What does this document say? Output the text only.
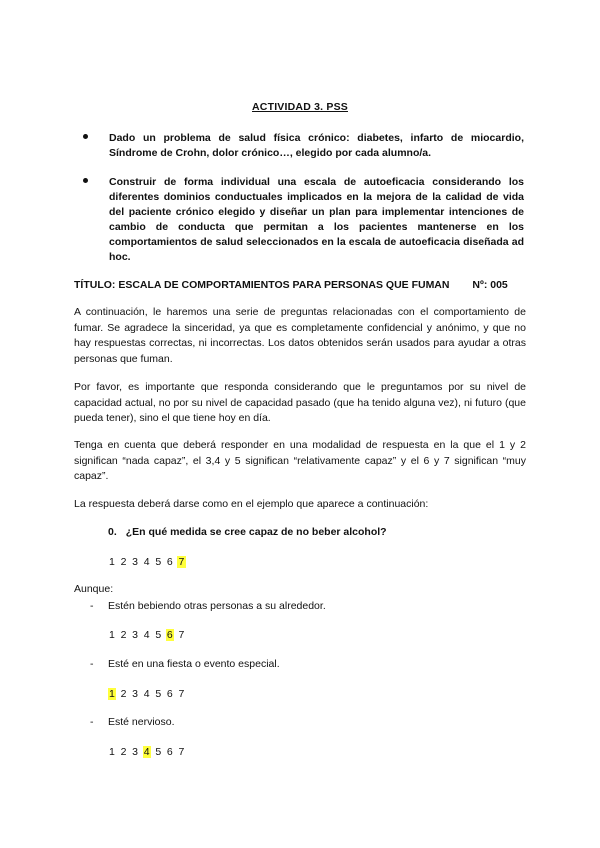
ACTIVIDAD 3. PSS
Dado un problema de salud física crónico: diabetes, infarto de miocardio, Síndrome de Crohn, dolor crónico…, elegido por cada alumno/a.
Construir de forma individual una escala de autoeficacia considerando los diferentes dominios conductuales implicados en la mejora de la calidad de vida del paciente crónico elegido y diseñar un plan para implementar intenciones de cambio de conducta que permitan a los pacientes mantenerse en los comportamientos de salud seleccionados en la escala de autoeficacia diseñada ad hoc.
TÍTULO: ESCALA DE COMPORTAMIENTOS PARA PERSONAS QUE FUMAN Nº: 005
A continuación, le haremos una serie de preguntas relacionadas con el comportamiento de fumar. Se agradece la sinceridad, ya que es completamente confidencial y anónimo, y que no hay respuestas correctas, ni incorrectas. Los datos obtenidos serán usados para ayudar a otras personas que fuman.
Por favor, es importante que responda considerando que le preguntamos por su nivel de capacidad actual, no por su nivel de capacidad pasado (que ha tenido alguna vez), ni futuro (que pueda tener), sino el que tiene hoy en día.
Tenga en cuenta que deberá responder en una modalidad de respuesta en la que el 1 y 2 significan “nada capaz”, el 3,4 y 5 significan “relativamente capaz” y el 6 y 7 significan “muy capaz”.
La respuesta deberá darse como en el ejemplo que aparece a continuación:
0. ¿En qué medida se cree capaz de no beber alcohol?
1 2 3 4 5 6 7
Aunque:
- Estén bebiendo otras personas a su alrededor.
1 2 3 4 5 6 7
- Esté en una fiesta o evento especial.
1 2 3 4 5 6 7
- Esté nervioso.
1 2 3 4 5 6 7
